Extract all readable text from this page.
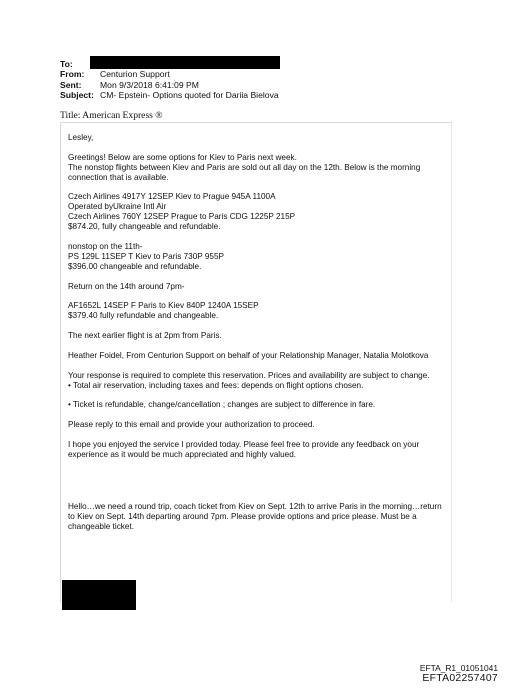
To:
From:	Centurion Support
Sent:	Mon 9/3/2018 6:41:09 PM
Subject: CM- Epstein- Options quoted for Dariia Bielova
Title: American Express ®

Lesley,

Greetings! Below are some options for Kiev to Paris next week.
The nonstop flights between Kiev and Paris are sold out all day on the 12th. Below is the morning connection that is available.

Czech Airlines 4917Y 12SEP Kiev to Prague 945A 1100A
Operated byUkraine Intl Air
Czech Airlines 760Y 12SEP Prague to Paris CDG 1225P 215P
$874.20, fully changeable and refundable.

nonstop on the 11th-
PS 129L 11SEP T Kiev to Paris 730P 955P
$396.00 changeable and refundable.

Return on the 14th around 7pm-

AF1652L 14SEP F Paris to Kiev 840P 1240A 15SEP
$379.40 fully refundable and changeable.

The next earlier flight is at 2pm from Paris.

Heather Foidel, From Centurion Support on behalf of your Relationship Manager, Natalia Molotkova

Your response is required to complete this reservation. Prices and availability are subject to change.
• Total air reservation, including taxes and fees: depends on flight options chosen.

• Ticket is refundable, change/cancellation ; changes are subject to difference in fare.

Please reply to this email and provide your authorization to proceed.

I hope you enjoyed the service I provided today. Please feel free to provide any feedback on your experience as it would be much appreciated and highly valued.

Hello…we need a round trip, coach ticket from Kiev on Sept. 12th to arrive Paris in the morning…return to Kiev on Sept. 14th departing around 7pm. Please provide options and price please. Must be a changeable ticket.

EFTA_R1_01051041
EFTA02257407
